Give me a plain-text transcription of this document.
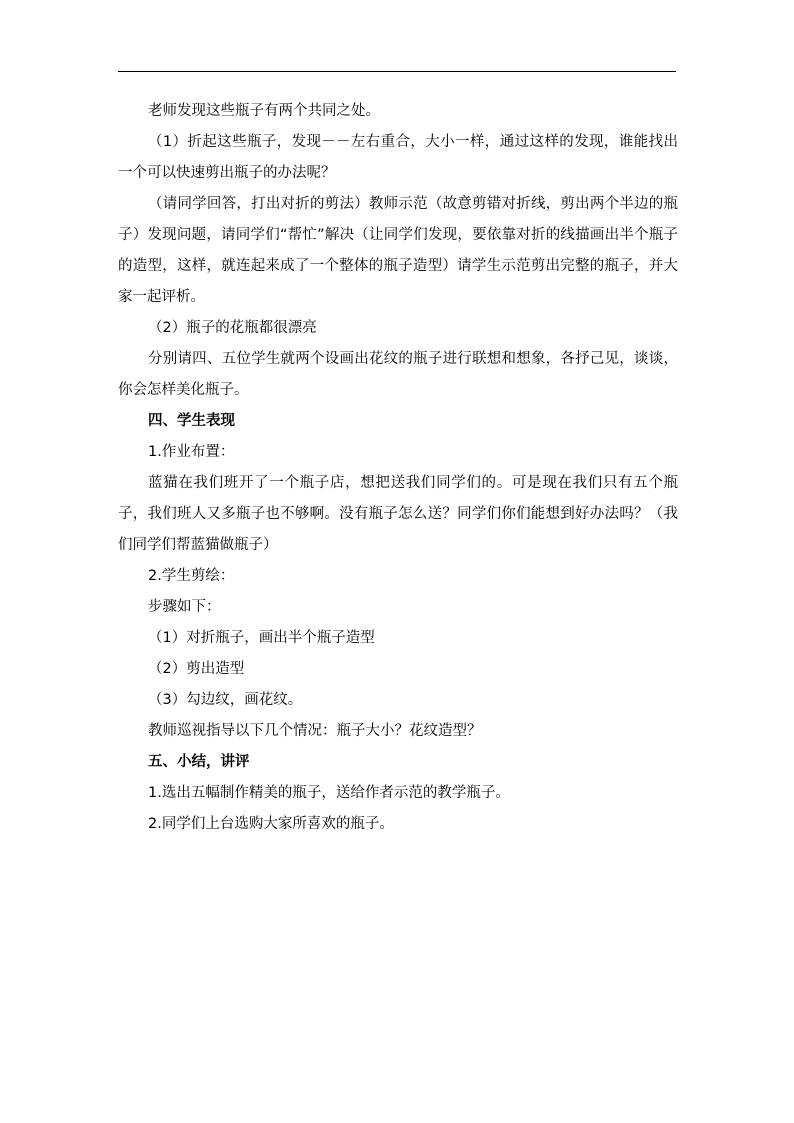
老师发现这些瓶子有两个共同之处。

（1）折起这些瓶子，发现－－左右重合，大小一样，通过这样的发现，谁能找出一个可以快速剪出瓶子的办法呢？

（请同学回答，打出对折的剪法）教师示范（故意剪错对折线，剪出两个半边的瓶子）发现问题，请同学们“帮忙”解决（让同学们发现，要依靠对折的线描画出半个瓶子的造型，这样，就连起来成了一个整体的瓶子造型）请学生示范剪出完整的瓶子，并大家一起评析。

（2）瓶子的花瓶都很漂亮

分别请四、五位学生就两个设画出花纹的瓶子进行联想和想象，各抒己见，谈谈，你会怎样美化瓶子。

四、学生表现

1.作业布置：

蓝猫在我们班开了一个瓶子店，想把送我们同学们的。可是现在我们只有五个瓶子，我们班人又多瓶子也不够啊。没有瓶子怎么送？同学们你们能想到好办法吗？（我们同学们帮蓝猫做瓶子）

2.学生剪绘：

步骤如下：

（1）对折瓶子，画出半个瓶子造型

（2）剪出造型

（3）勾边纹，画花纹。

教师巡视指导以下几个情况：瓶子大小？花纹造型？

五、小结，讲评

1.选出五幅制作精美的瓶子，送给作者示范的教学瓶子。

2.同学们上台选购大家所喜欢的瓶子。
